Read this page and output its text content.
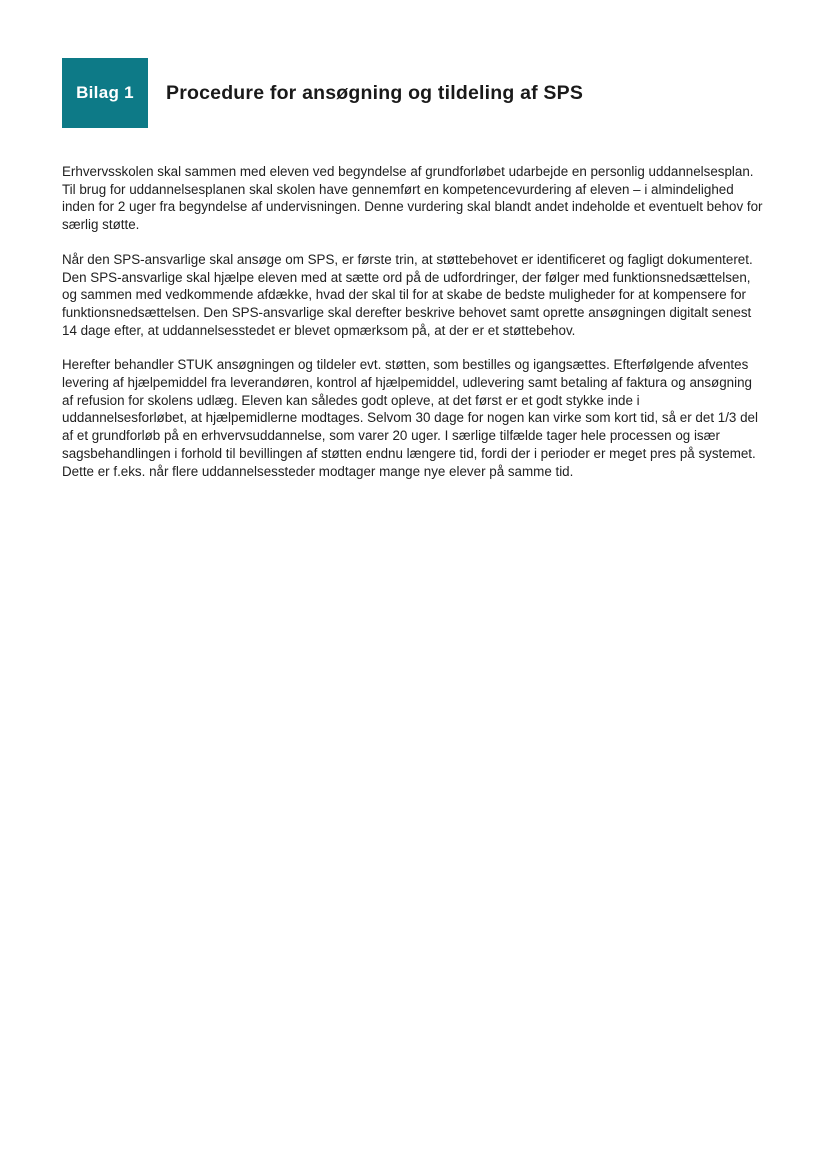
Bilag 1 Procedure for ansøgning og tildeling af SPS

Erhvervsskolen skal sammen med eleven ved begyndelse af grundforløbet udarbejde en personlig uddannelsesplan. Til brug for uddannelsesplanen skal skolen have gennemført en kompetencevurdering af eleven – i almindelighed inden for 2 uger fra begyndelse af undervisningen. Denne vurdering skal blandt andet indeholde et eventuelt behov for særlig støtte.

Når den SPS-ansvarlige skal ansøge om SPS, er første trin, at støttebehovet er identificeret og fagligt dokumenteret. Den SPS-ansvarlige skal hjælpe eleven med at sætte ord på de udfordringer, der følger med funktionsnedsættelsen, og sammen med vedkommende afdække, hvad der skal til for at skabe de bedste muligheder for at kompensere for funktionsnedsættelsen. Den SPS-ansvarlige skal derefter beskrive behovet samt oprette ansøgningen digitalt senest 14 dage efter, at uddannelsesstedet er blevet opmærksom på, at der er et støttebehov.

Herefter behandler STUK ansøgningen og tildeler evt. støtten, som bestilles og igangsættes. Efterfølgende afventes levering af hjælpemiddel fra leverandøren, kontrol af hjælpemiddel, udlevering samt betaling af faktura og ansøgning af refusion for skolens udlæg. Eleven kan således godt opleve, at det først er et godt stykke inde i uddannelsesforløbet, at hjælpemidlerne modtages. Selvom 30 dage for nogen kan virke som kort tid, så er det 1/3 del af et grundforløb på en erhvervsuddannelse, som varer 20 uger. I særlige tilfælde tager hele processen og især sagsbehandlingen i forhold til bevillingen af støtten endnu længere tid, fordi der i perioder er meget pres på systemet. Dette er f.eks. når flere uddannelsessteder modtager mange nye elever på samme tid.
